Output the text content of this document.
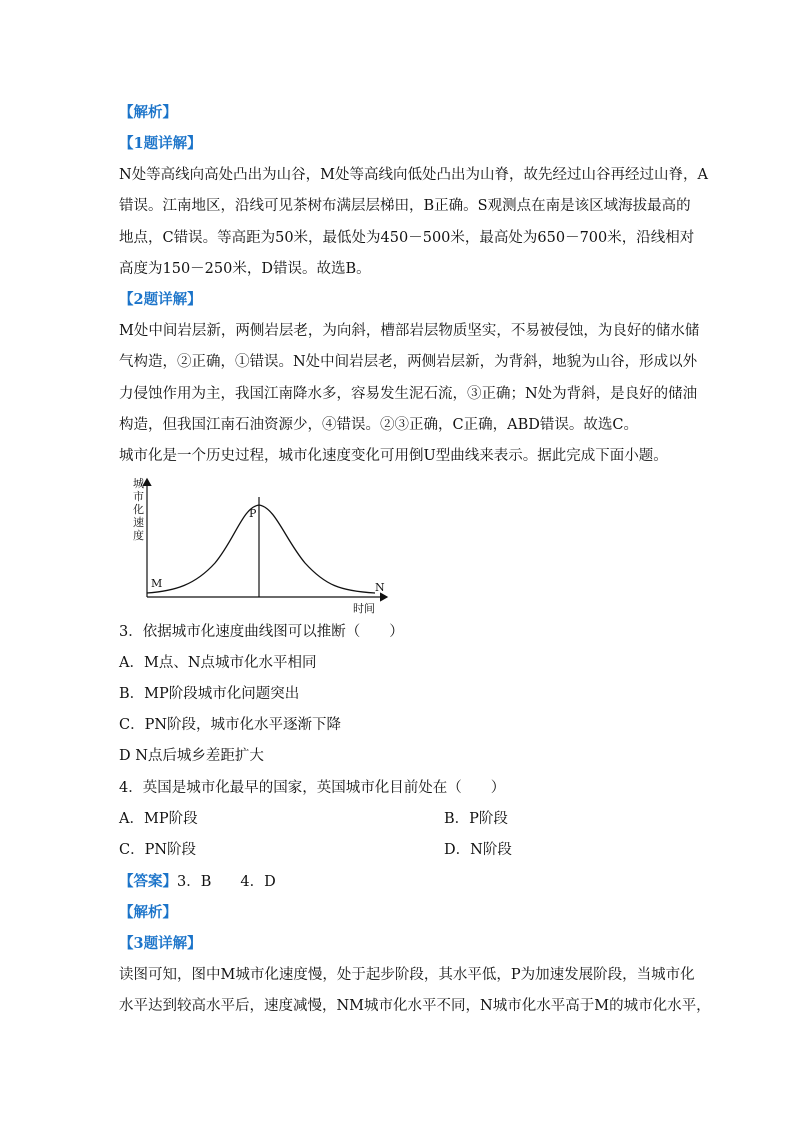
【解析】
【1题详解】
N处等高线向高处凸出为山谷，M处等高线向低处凸出为山脊，故先经过山谷再经过山脊，A
错误。江南地区，沿线可见茶树布满层层梯田，B正确。S观测点在南是该区域海拔最高的
地点，C错误。等高距为50米，最低处为450－500米，最高处为650－700米，沿线相对
高度为150－250米，D错误。故选B。
【2题详解】
M处中间岩层新，两侧岩层老，为向斜，槽部岩层物质坚实，不易被侵蚀，为良好的储水储
气构造，②正确，①错误。N处中间岩层老，两侧岩层新，为背斜，地貌为山谷，形成以外
力侵蚀作用为主，我国江南降水多，容易发生泥石流，③正确；N处为背斜，是良好的储油
构造，但我国江南石油资源少，④错误。②③正确，C正确，ABD错误。故选C。
城市化是一个历史过程，城市化速度变化可用倒U型曲线来表示。据此完成下面小题。
城市化速度
M
P
N
时间
3．依据城市化速度曲线图可以推断（　　）
A．M点、N点城市化水平相同
B．MP阶段城市化问题突出
C．PN阶段，城市化水平逐渐下降
D N点后城乡差距扩大
4．英国是城市化最早的国家，英国城市化目前处在（　　）
A．MP阶段	B．P阶段
C．PN阶段	D．N阶段
【答案】3．B　　4．D
【解析】
【3题详解】
读图可知，图中M城市化速度慢，处于起步阶段，其水平低，P为加速发展阶段，当城市化
水平达到较高水平后，速度减慢，NM城市化水平不同，N城市化水平高于M的城市化水平，
